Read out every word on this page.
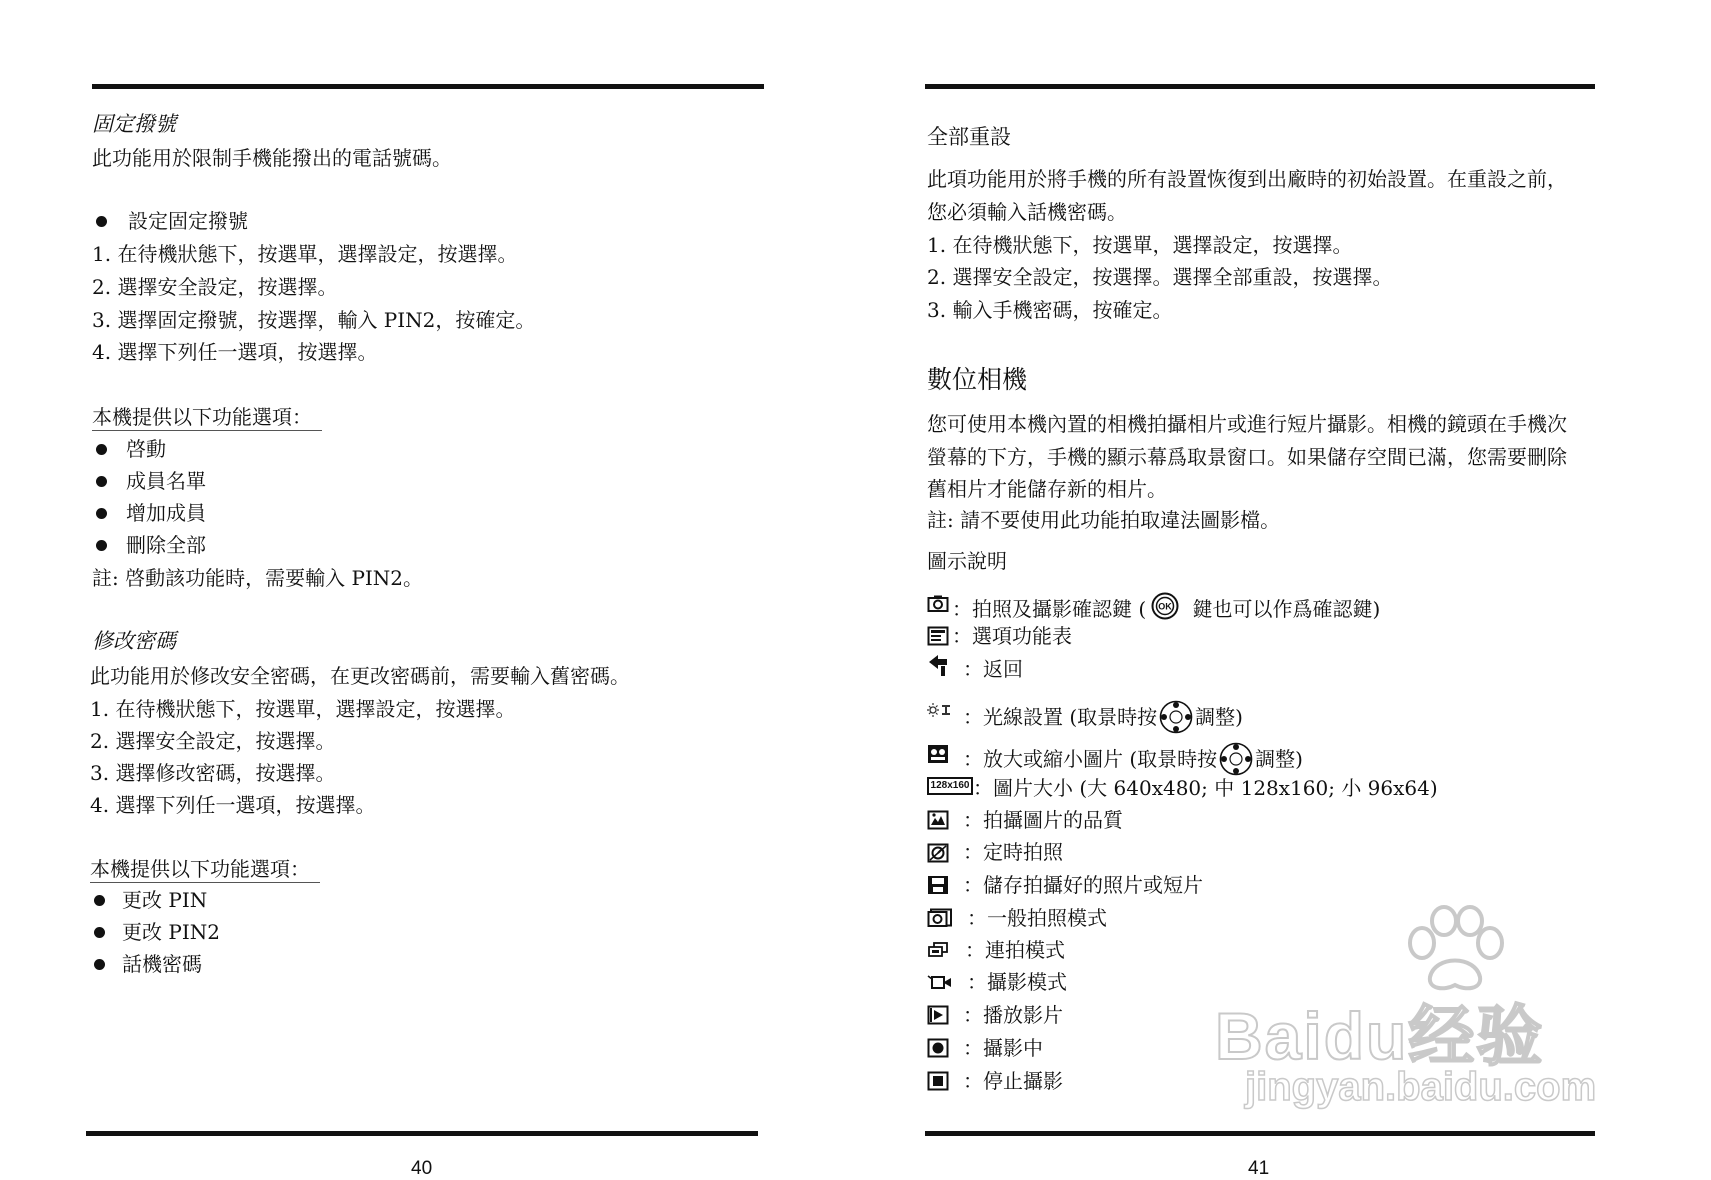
固定撥號
此功能用於限制手機能撥出的電話號碼。
設定固定撥號
1. 在待機狀態下，按選單，選擇設定，按選擇。
2. 選擇安全設定，按選擇。
3. 選擇固定撥號，按選擇，輸入 PIN2，按確定。
4. 選擇下列任一選項，按選擇。
本機提供以下功能選項：
啓動
成員名單
增加成員
刪除全部
註: 啓動該功能時，需要輸入 PIN2。
修改密碼
此功能用於修改安全密碼，在更改密碼前，需要輸入舊密碼。
1. 在待機狀態下，按選單，選擇設定，按選擇。
2. 選擇安全設定，按選擇。
3. 選擇修改密碼，按選擇。
4. 選擇下列任一選項，按選擇。
本機提供以下功能選項：
更改 PIN
更改 PIN2
話機密碼
40
全部重設
此項功能用於將手機的所有設置恢復到出廠時的初始設置。在重設之前，
您必須輸入話機密碼。
1. 在待機狀態下，按選單，選擇設定，按選擇。
2. 選擇安全設定，按選擇。選擇全部重設，按選擇。
3. 輸入手機密碼，按確定。
數位相機
您可使用本機內置的相機拍攝相片或進行短片攝影。相機的鏡頭在手機次
螢幕的下方，手機的顯示幕爲取景窗口。如果儲存空間已滿，您需要刪除
舊相片才能儲存新的相片。
註: 請不要使用此功能拍取違法圖影檔。
圖示說明
：拍照及攝影確認鍵 ( OK 鍵也可以作爲確認鍵)
：選項功能表
：返回
：光線設置 (取景時按 調整)
：放大或縮小圖片 (取景時按 調整)
128x160 ：圖片大小 (大 640x480; 中 128x160; 小 96x64)
：拍攝圖片的品質
：定時拍照
：儲存拍攝好的照片或短片
：一般拍照模式
：連拍模式
：攝影模式
：播放影片
：攝影中
：停止攝影
41
Baidu经验
jingyan.baidu.com
